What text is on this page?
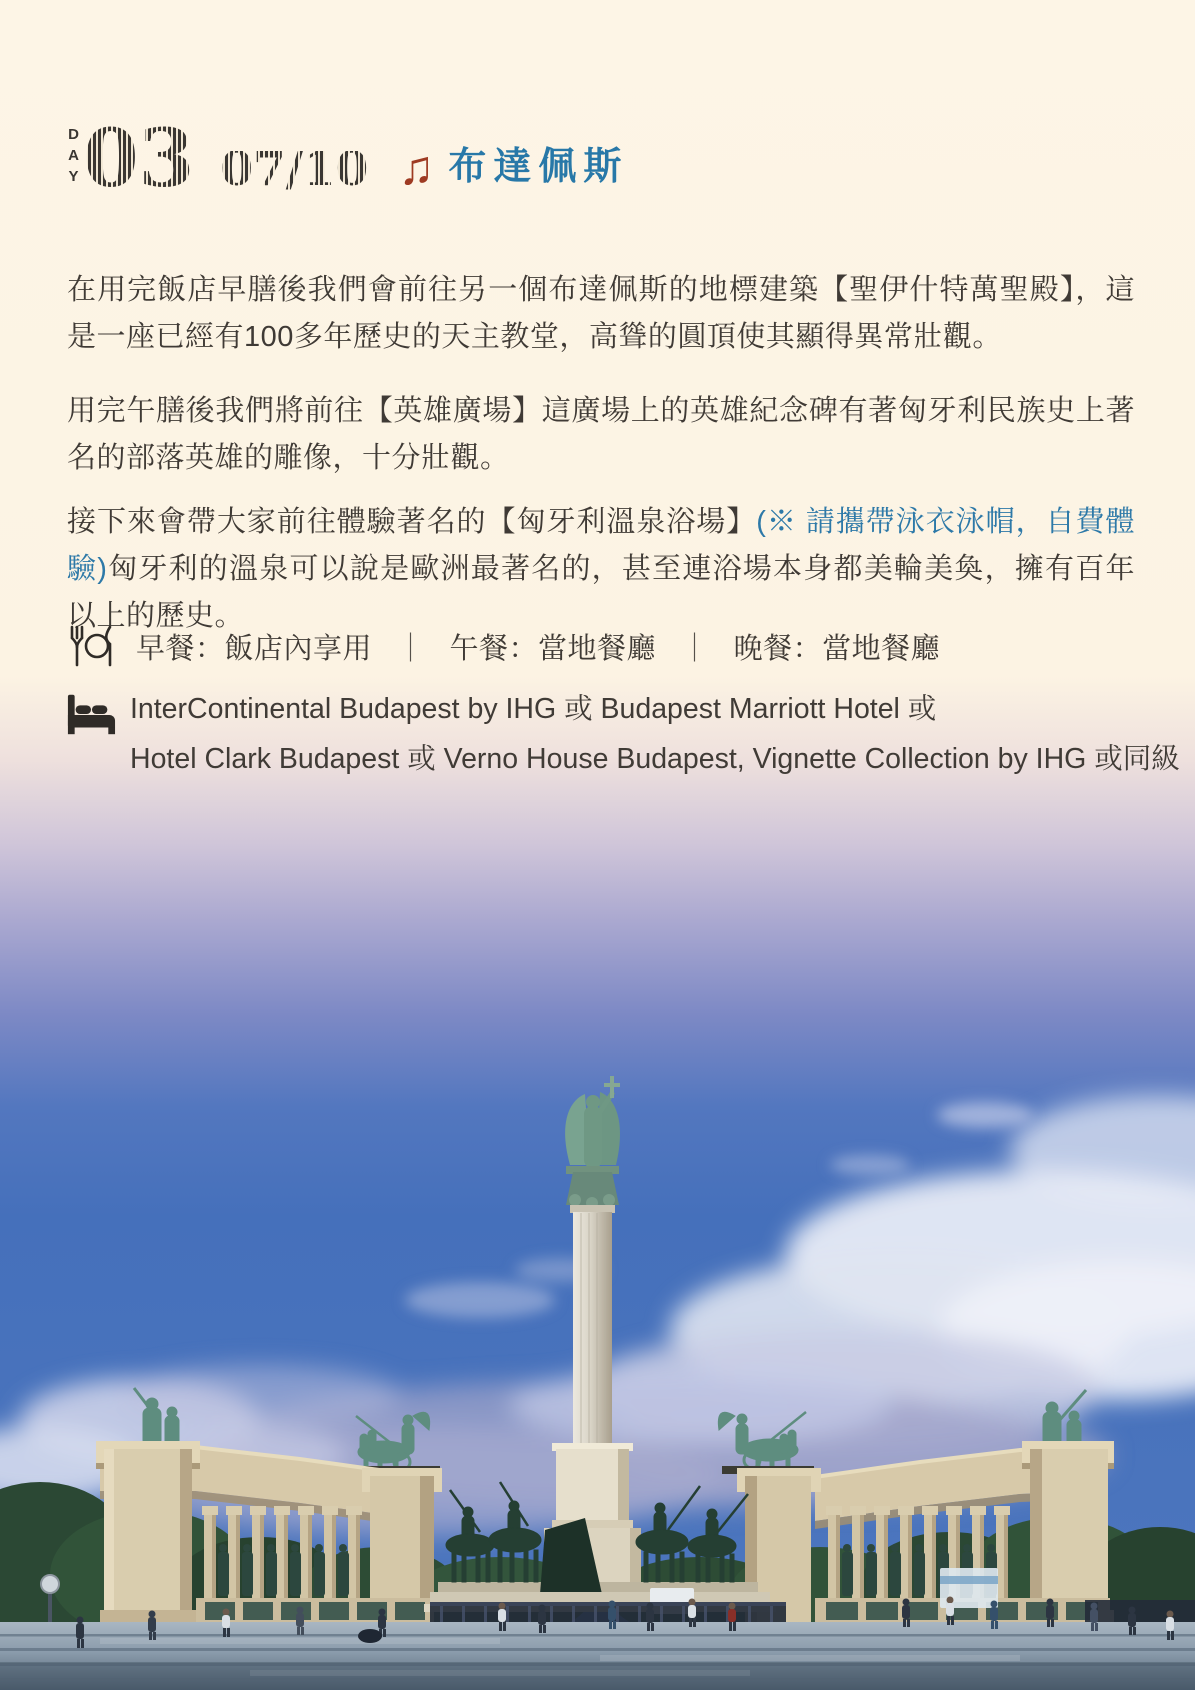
DAY 03 07/10 ♫ 布達佩斯

在用完飯店早膳後我們會前往另一個布達佩斯的地標建築【聖伊什特萬聖殿】，這是一座已經有100多年歷史的天主教堂，高聳的圓頂使其顯得異常壯觀。

用完午膳後我們將前往【英雄廣場】這廣場上的英雄紀念碑有著匈牙利民族史上著名的部落英雄的雕像，十分壯觀。

接下來會帶大家前往體驗著名的【匈牙利溫泉浴場】(※ 請攜帶泳衣泳帽，自費體驗)匈牙利的溫泉可以說是歐洲最著名的，甚至連浴場本身都美輪美奐，擁有百年以上的歷史。

早餐：飯店內享用 ｜ 午餐：當地餐廳 ｜ 晚餐：當地餐廳
InterContinental Budapest by IHG 或 Budapest Marriott Hotel 或
Hotel Clark Budapest 或 Verno House Budapest, Vignette Collection by IHG 或同級
